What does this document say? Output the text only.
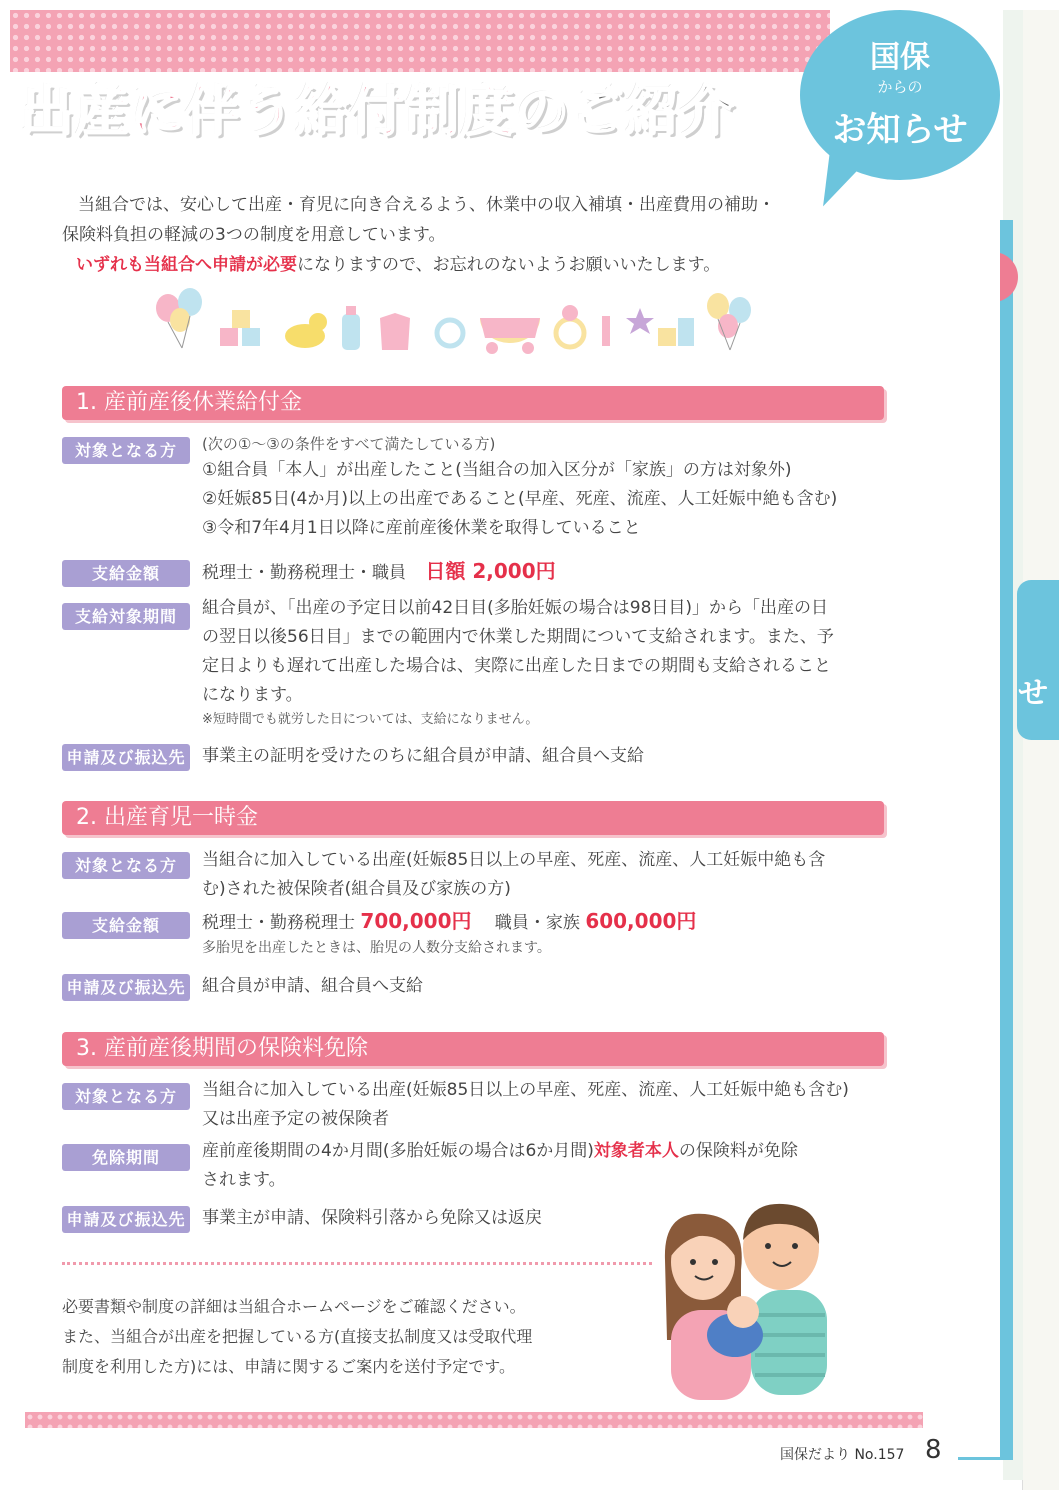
せ
出産に伴う給付制度のご紹介
国保
からの
お知らせ

当組合では、安心して出産・育児に向き合えるよう、休業中の収入補填・出産費用の補助・

保険料負担の軽減の3つの制度を用意しています。

いずれも当組合へ申請が必要になりますので、お忘れのないようお願いいたします。

1. 産前産後休業給付金
対象となる方	(次の①～③の条件をすべて満たしている方)
①組合員「本人」が出産したこと(当組合の加入区分が「家族」の方は対象外)
②妊娠85日(4か月)以上の出産であること(早産、死産、流産、人工妊娠中絶も含む)
③令和7年4月1日以降に産前産後休業を取得していること
支給金額	税理士・勤務税理士・職員 日額 2,000円
支給対象期間	組合員が、「出産の予定日以前42日目(多胎妊娠の場合は98日目)」から「出産の日
の翌日以後56日目」までの範囲内で休業した期間について支給されます。また、予
定日よりも遅れて出産した場合は、実際に出産した日までの期間も支給されること
になります。
※短時間でも就労した日については、支給になりません。
申請及び振込先 事業主の証明を受けたのちに組合員が申請、組合員へ支給
2. 出産育児一時金
対象となる方	当組合に加入している出産(妊娠85日以上の早産、死産、流産、人工妊娠中絶も含
む)された被保険者(組合員及び家族の方)
支給金額	税理士・勤務税理士 700,000円 職員・家族 600,000円
多胎児を出産したときは、胎児の人数分支給されます。
申請及び振込先 組合員が申請、組合員へ支給
3. 産前産後期間の保険料免除
対象となる方	当組合に加入している出産(妊娠85日以上の早産、死産、流産、人工妊娠中絶も含む)
又は出産予定の被保険者
免除期間	産前産後期間の4か月間(多胎妊娠の場合は6か月間)対象者本人の保険料が免除
されます。
申請及び振込先 事業主が申請、保険料引落から免除又は返戻
必要書類や制度の詳細は当組合ホームページをご確認ください。
また、当組合が出産を把握している方(直接支払制度又は受取代理
制度を利用した方)には、申請に関するご案内を送付予定です。
国保だより No.157 8
